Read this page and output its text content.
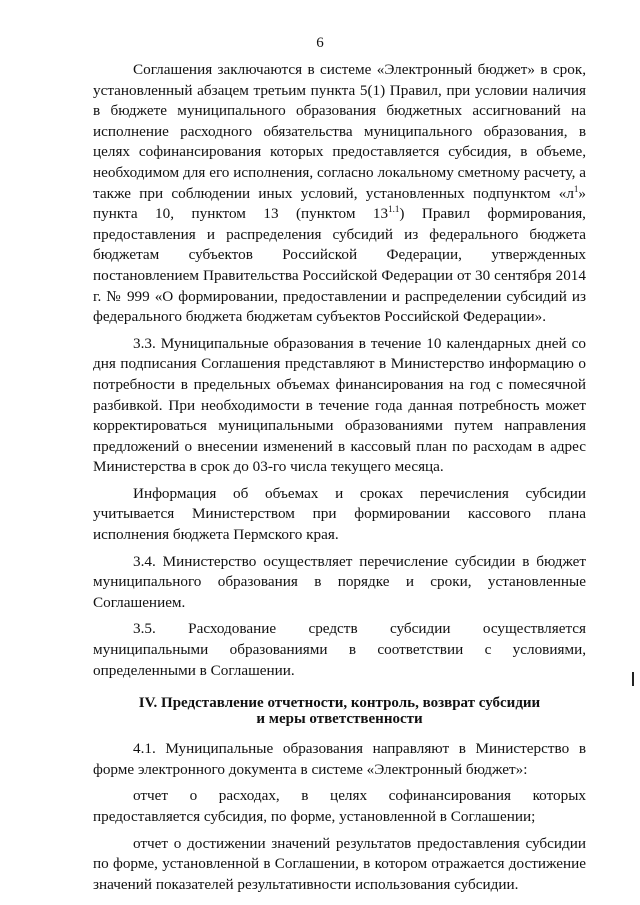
6

Соглашения заключаются в системе «Электронный бюджет» в срок, установленный абзацем третьим пункта 5(1) Правил, при условии наличия в бюджете муниципального образования бюджетных ассигнований на исполнение расходного обязательства муниципального образования, в целях софинансирования которых предоставляется субсидия, в объеме, необходимом для его исполнения, согласно локальному сметному расчету, а также при соблюдении иных условий, установленных подпунктом «$л^1$» пункта 10, пунктом 13 (пунктом $13^{1.1}$) Правил формирования, предоставления и распределения субсидий из федерального бюджета бюджетам субъектов Российской Федерации, утвержденных постановлением Правительства Российской Федерации от 30 сентября 2014 г. № 999 «О формировании, предоставлении и распределении субсидий из федерального бюджета бюджетам субъектов Российской Федерации».

3.3. Муниципальные образования в течение 10 календарных дней со дня подписания Соглашения представляют в Министерство информацию о потребности в предельных объемах финансирования на год с помесячной разбивкой. При необходимости в течение года данная потребность может корректироваться муниципальными образованиями путем направления предложений о внесении изменений в кассовый план по расходам в адрес Министерства в срок до 03-го числа текущего месяца.

Информация об объемах и сроках перечисления субсидии учитывается Министерством при формировании кассового плана исполнения бюджета Пермского края.

3.4. Министерство осуществляет перечисление субсидии в бюджет муниципального образования в порядке и сроки, установленные Соглашением.

3.5. Расходование средств субсидии осуществляется муниципальными образованиями в соответствии с условиями, определенными в Соглашении.

IV. Представление отчетности, контроль, возврат субсидии
и меры ответственности

4.1. Муниципальные образования направляют в Министерство в форме электронного документа в системе «Электронный бюджет»:

отчет о расходах, в целях софинансирования которых предоставляется субсидия, по форме, установленной в Соглашении;

отчет о достижении значений результатов предоставления субсидии по форме, установленной в Соглашении, в котором отражается достижение значений показателей результативности использования субсидии.
